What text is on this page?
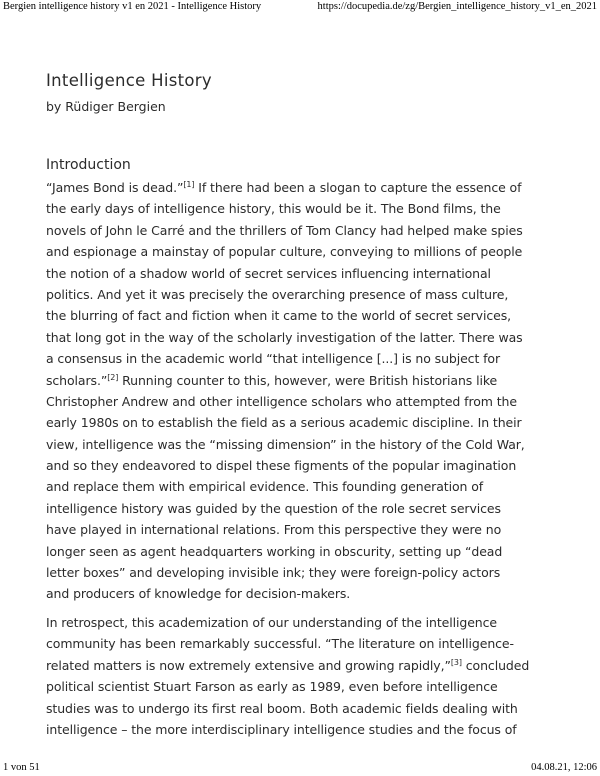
Bergien intelligence history v1 en 2021 - Intelligence History	https://docupedia.de/zg/Bergien_intelligence_history_v1_en_2021
Intelligence History
by Rüdiger Bergien
Introduction
“James Bond is dead.”[1] If there had been a slogan to capture the essence of
the early days of intelligence history, this would be it. The Bond films, the
novels of John le Carré and the thrillers of Tom Clancy had helped make spies
and espionage a mainstay of popular culture, conveying to millions of people
the notion of a shadow world of secret services influencing international
politics. And yet it was precisely the overarching presence of mass culture,
the blurring of fact and fiction when it came to the world of secret services,
that long got in the way of the scholarly investigation of the latter. There was
a consensus in the academic world “that intelligence [...] is no subject for
scholars.”[2] Running counter to this, however, were British historians like
Christopher Andrew and other intelligence scholars who attempted from the
early 1980s on to establish the field as a serious academic discipline. In their
view, intelligence was the “missing dimension” in the history of the Cold War,
and so they endeavored to dispel these figments of the popular imagination
and replace them with empirical evidence. This founding generation of
intelligence history was guided by the question of the role secret services
have played in international relations. From this perspective they were no
longer seen as agent headquarters working in obscurity, setting up “dead
letter boxes” and developing invisible ink; they were foreign-policy actors
and producers of knowledge for decision-makers.
In retrospect, this academization of our understanding of the intelligence
community has been remarkably successful. “The literature on intelligence-
related matters is now extremely extensive and growing rapidly,”[3] concluded
political scientist Stuart Farson as early as 1989, even before intelligence
studies was to undergo its first real boom. Both academic fields dealing with
intelligence – the more interdisciplinary intelligence studies and the focus of
1 von 51	04.08.21, 12:06
